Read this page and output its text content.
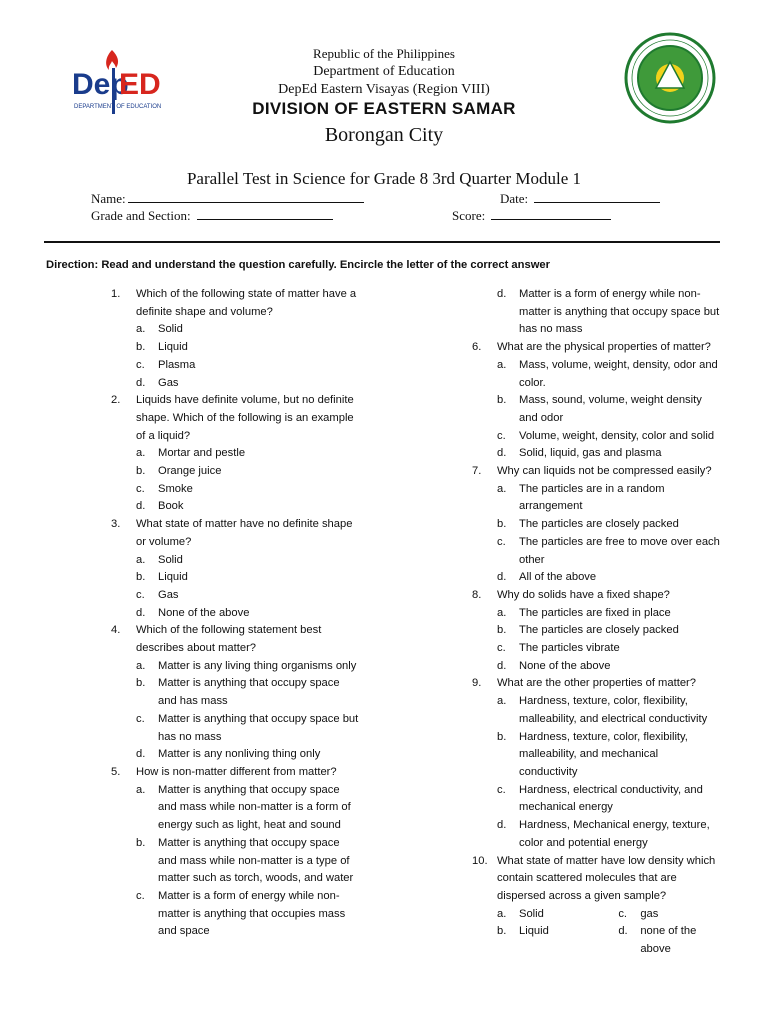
Dep
ED
DEPARTMENT OF EDUCATION
Republic of the Philippines
Department of Education
DepEd Eastern Visayas (Region VIII)
DIVISION OF EASTERN SAMAR
Borongan City
Parallel Test in Science for Grade 8 3rd Quarter Module 1
Name:	Date:
Grade and Section:	Score:
Direction: Read and understand the question carefully. Encircle the letter of the correct answer
1. Which of the following state of matter have a
definite shape and volume?
a. Solid
b. Liquid
c. Plasma
d. Gas
2. Liquids have definite volume, but no definite
shape. Which of the following is an example
of a liquid?
a. Mortar and pestle
b. Orange juice
c. Smoke
d. Book
3. What state of matter have no definite shape
or volume?
a. Solid
b. Liquid
c. Gas
d. None of the above
4. Which of the following statement best
describes about matter?
a. Matter is any living thing organisms only
b. Matter is anything that occupy space
and has mass
c. Matter is anything that occupy space but
has no mass
d. Matter is any nonliving thing only
5. How is non-matter different from matter?
a. Matter is anything that occupy space
and mass while non-matter is a form of
energy such as light, heat and sound
b. Matter is anything that occupy space
and mass while non-matter is a type of
matter such as torch, woods, and water
c. Matter is a form of energy while non-
matter is anything that occupies mass
and space
d. Matter is a form of energy while non-
matter is anything that occupy space but
has no mass
6. What are the physical properties of matter?
a. Mass, volume, weight, density, odor and
color.
b. Mass, sound, volume, weight density
and odor
c. Volume, weight, density, color and solid
d. Solid, liquid, gas and plasma
7. Why can liquids not be compressed easily?
a. The particles are in a random
arrangement
b. The particles are closely packed
c. The particles are free to move over each
other
d. All of the above
8. Why do solids have a fixed shape?
a. The particles are fixed in place
b. The particles are closely packed
c. The particles vibrate
d. None of the above
9. What are the other properties of matter?
a. Hardness, texture, color, flexibility,
malleability, and electrical conductivity
b. Hardness, texture, color, flexibility,
malleability, and mechanical
conductivity
c. Hardness, electrical conductivity, and
mechanical energy
d. Hardness, Mechanical energy, texture,
color and potential energy
10. What state of matter have low density which
contain scattered molecules that are
dispersed across a given sample?
a. Solid	c. gas
b. Liquid	d. none of the
above
